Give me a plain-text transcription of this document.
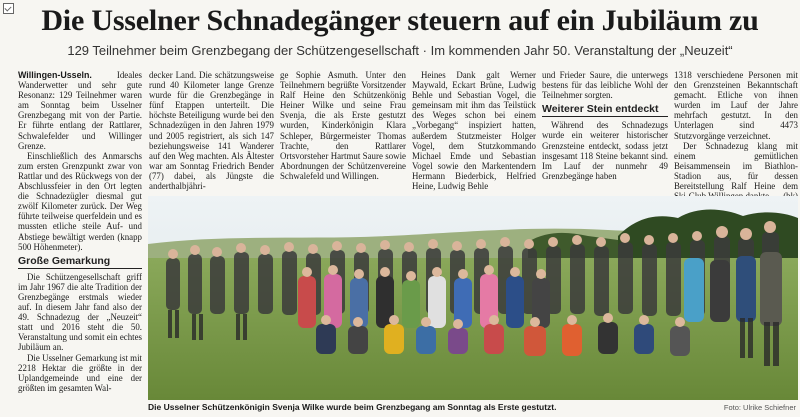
Die Usselner Schnadegänger steuern auf ein Jubiläum zu
129 Teilnehmer beim Grenzbegang der Schützengesellschaft · Im kommenden Jahr 50. Veranstaltung der „Neuzeit“

Willingen-Usseln.	Ideales Wanderwetter und sehr gute Resonanz: 129 Teilnehmer waren am Sonntag beim Usselner Grenzbegang mit von der Partie. Er führte entlang der Rattlarer, Schwalefelder und Willinger Grenze.

Einschließlich des Anmarschs zum ersten Grenzpunkt zwar von Rattlar und des Rückwegs von der Abschlussfeier in den Ort legten die Schnadezügler diesmal gut zwölf Kilometer zurück. Der Weg führte teilweise querfeldein und es mussten etliche steile Auf- und Abstiege bewältigt werden (knapp 500 Höhenmeter).

Große Gemarkung

Die Schützengesellschaft griff im Jahr 1967 die alte Tradition der Grenzbegänge erstmals wieder auf. In diesem Jahr fand also der 49. Schnadezug der „Neuzeit“ statt und 2016 steht die 50. Veranstaltung und somit ein echtes Jubiläum an.

Die Usselner Gemarkung ist mit 2218 Hektar die größte in der Uplandgemeinde und eine der größten im gesamten Wal-

decker Land. Die schätzungsweise rund 40 Kilometer lange Grenze wurde für die Grenzbegänge in fünf Etappen unterteilt. Die höchste Beteiligung wurde bei den Schnadezügen in den Jahren 1979 und 2005 registriert, als sich 147 beziehungsweise 141 Wanderer auf den Weg machten. Als Ältester war am Sonntag Friedrich Bender (77) dabei, als Jüngste die anderthalbjähri-

ge Sophie Asmuth. Unter den Teilnehmern begrüßte Vorsitzender Ralf Heine den Schützenkönig Heiner Wilke und seine Frau Svenja, die als Erste gestutzt wurden, Kinderkönigin Klara Schleper, Bürgermeister Thomas Trachte, den Rattlarer Ortsvorsteher Hartmut Saure sowie Abordnungen der Schützenvereine Schwalefeld und Willingen.

Heines Dank galt Werner Maywald, Eckart Brüne, Ludwig Behle und Sebastian Vogel, die gemeinsam mit ihm das Teilstück des Weges schon bei einem „Vorbegang“ inspiziert hatten, außerdem Stutzmeister Holger Vogel, dem Stutzkommando Michael Emde und Sebastian Vogel sowie den Markentendern Hermann Biederbick, Helfried Heine, Ludwig Behle

und Frieder Saure, die unterwegs bestens für das leibliche Wohl der Teilnehmer sorgten.

Weiterer Stein entdeckt

Während des Schnadezugs wurde ein weiterer historischer Grenzsteine entdeckt, sodass jetzt insgesamt 118 Steine bekannt sind. Im Lauf der nunmehr 49 Grenzbegänge haben

1318 verschiedene Personen mit den Grenzsteinen Bekanntschaft gemacht. Etliche von ihnen wurden im Lauf der Jahre mehrfach gestutzt. In den Unterlagen sind 4473 Stutzvorgänge verzeichnet.

Der Schnadezug klang mit einem gemütlichen Beisammensein im Biathlon-Stadion aus, für dessen Bereitstellung Ralf Heine dem

Die Usselner Schützenkönigin Svenja Wilke wurde beim Grenzbegang am Sonntag als Erste gestutzt.	Foto: Ulrike Schiefner
